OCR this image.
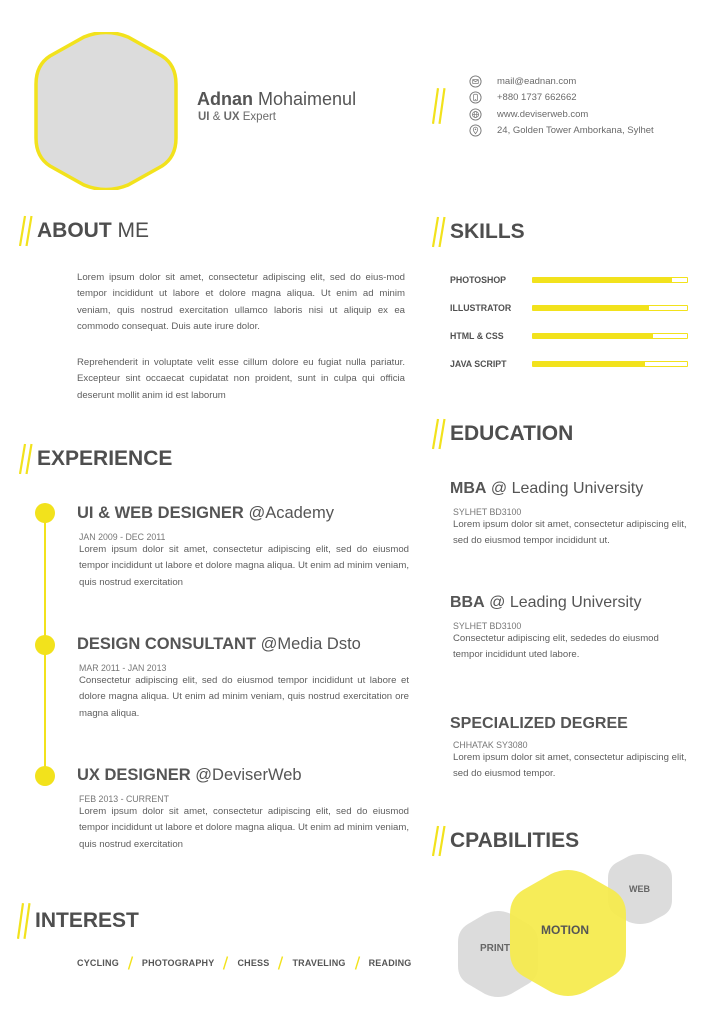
Adnan Mohaimenul
UI & UX Expert
mail@eadnan.com
+880 1737 662662
www.deviserweb.com
24, Golden Tower Amborkana, Sylhet
ABOUT ME
Lorem ipsum dolor sit amet, consectetur adipiscing elit, sed do eius-mod tempor incididunt ut labore et dolore magna aliqua. Ut enim ad minim veniam, quis nostrud exercitation ullamco laboris nisi ut aliquip ex ea commodo consequat. Duis aute irure dolor.
Reprehenderit in voluptate velit esse cillum dolore eu fugiat nulla pariatur. Excepteur sint occaecat cupidatat non proident, sunt in culpa qui officia deserunt mollit anim id est laborum
SKILLS
PHOTOSHOP
ILLUSTRATOR
HTML & CSS
JAVA SCRIPT
EDUCATION
MBA @ Leading University
SYLHET BD3100
Lorem ipsum dolor sit amet, consectetur adipiscing elit, sed do eiusmod tempor incididunt ut.
BBA @ Leading University
SYLHET BD3100
Consectetur adipiscing elit, sededes do eiusmod tempor incididunt uted labore.
SPECIALIZED DEGREE
CHHATAK SY3080
Lorem ipsum dolor sit amet, consectetur adipiscing elit, sed do eiusmod tempor.
EXPERIENCE
UI & WEB DESIGNER @Academy
JAN 2009 - DEC 2011
Lorem ipsum dolor sit amet, consectetur adipiscing elit, sed do eiusmod tempor incididunt ut labore et dolore magna aliqua. Ut enim ad minim veniam, quis nostrud exercitation
DESIGN CONSULTANT @Media Dsto
MAR 2011 - JAN 2013
Consectetur adipiscing elit, sed do eiusmod tempor incididunt ut labore et dolore magna aliqua. Ut enim ad minim veniam, quis nostrud exercitation ore magna aliqua.
UX DESIGNER @DeviserWeb
FEB 2013 - CURRENT
Lorem ipsum dolor sit amet, consectetur adipiscing elit, sed do eiusmod tempor incididunt ut labore et dolore magna aliqua. Ut enim ad minim veniam, quis nostrud exercitation
INTEREST
CYCLING	PHOTOGRAPHY	CHESS	TRAVELING	READING
CPABILITIES
WEB
MOTION
PRINT
